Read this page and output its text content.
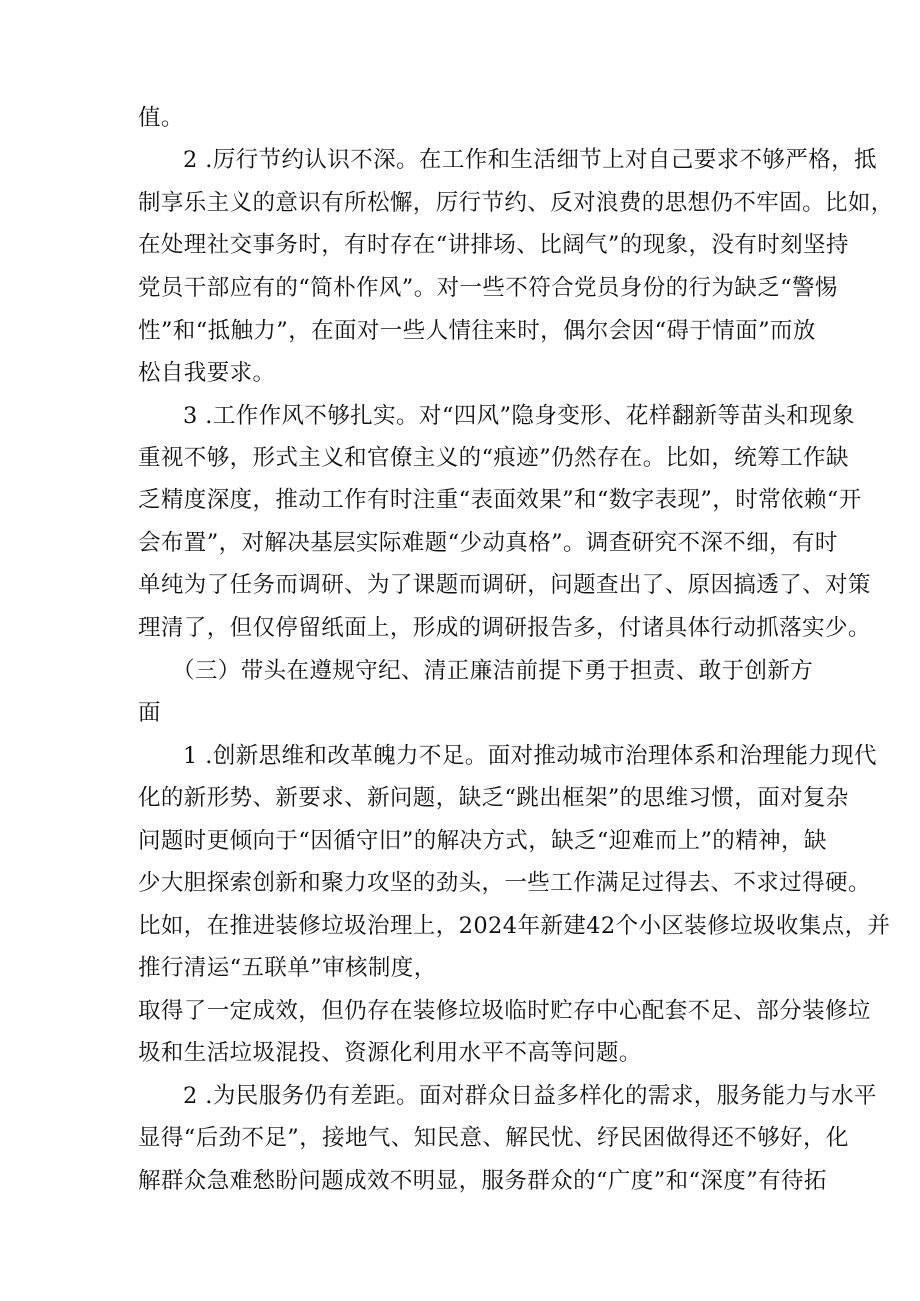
值。
2 .厉行节约认识不深。在工作和生活细节上对自己要求不够严格，抵
制享乐主义的意识有所松懈，厉行节约、反对浪费的思想仍不牢固。比如，
在处理社交事务时，有时存在“讲排场、比阔气”的现象，没有时刻坚持
党员干部应有的“简朴作风”。对一些不符合党员身份的行为缺乏“警惕
性”和“抵触力”，在面对一些人情往来时，偶尔会因“碍于情面”而放
松自我要求。
3 .工作作风不够扎实。对“四风”隐身变形、花样翻新等苗头和现象
重视不够，形式主义和官僚主义的“痕迹”仍然存在。比如，统筹工作缺
乏精度深度，推动工作有时注重“表面效果”和“数字表现”，时常依赖“开
会布置”，对解决基层实际难题“少动真格”。调查研究不深不细，有时
单纯为了任务而调研、为了课题而调研，问题查出了、原因搞透了、对策
理清了，但仅停留纸面上，形成的调研报告多，付诸具体行动抓落实少。
（三）带头在遵规守纪、清正廉洁前提下勇于担责、敢于创新方
面
1 .创新思维和改革魄力不足。面对推动城市治理体系和治理能力现代
化的新形势、新要求、新问题，缺乏“跳出框架”的思维习惯，面对复杂
问题时更倾向于“因循守旧”的解决方式，缺乏“迎难而上”的精神，缺
少大胆探索创新和聚力攻坚的劲头，一些工作满足过得去、不求过得硬。
比如，在推进装修垃圾治理上，2024年新建42个小区装修垃圾收集点，并
推行清运“五联单”审核制度，
取得了一定成效，但仍存在装修垃圾临时贮存中心配套不足、部分装修垃
圾和生活垃圾混投、资源化利用水平不高等问题。
2 .为民服务仍有差距。面对群众日益多样化的需求，服务能力与水平
显得“后劲不足”，接地气、知民意、解民忧、纾民困做得还不够好，化
解群众急难愁盼问题成效不明显，服务群众的“广度”和“深度”有待拓
